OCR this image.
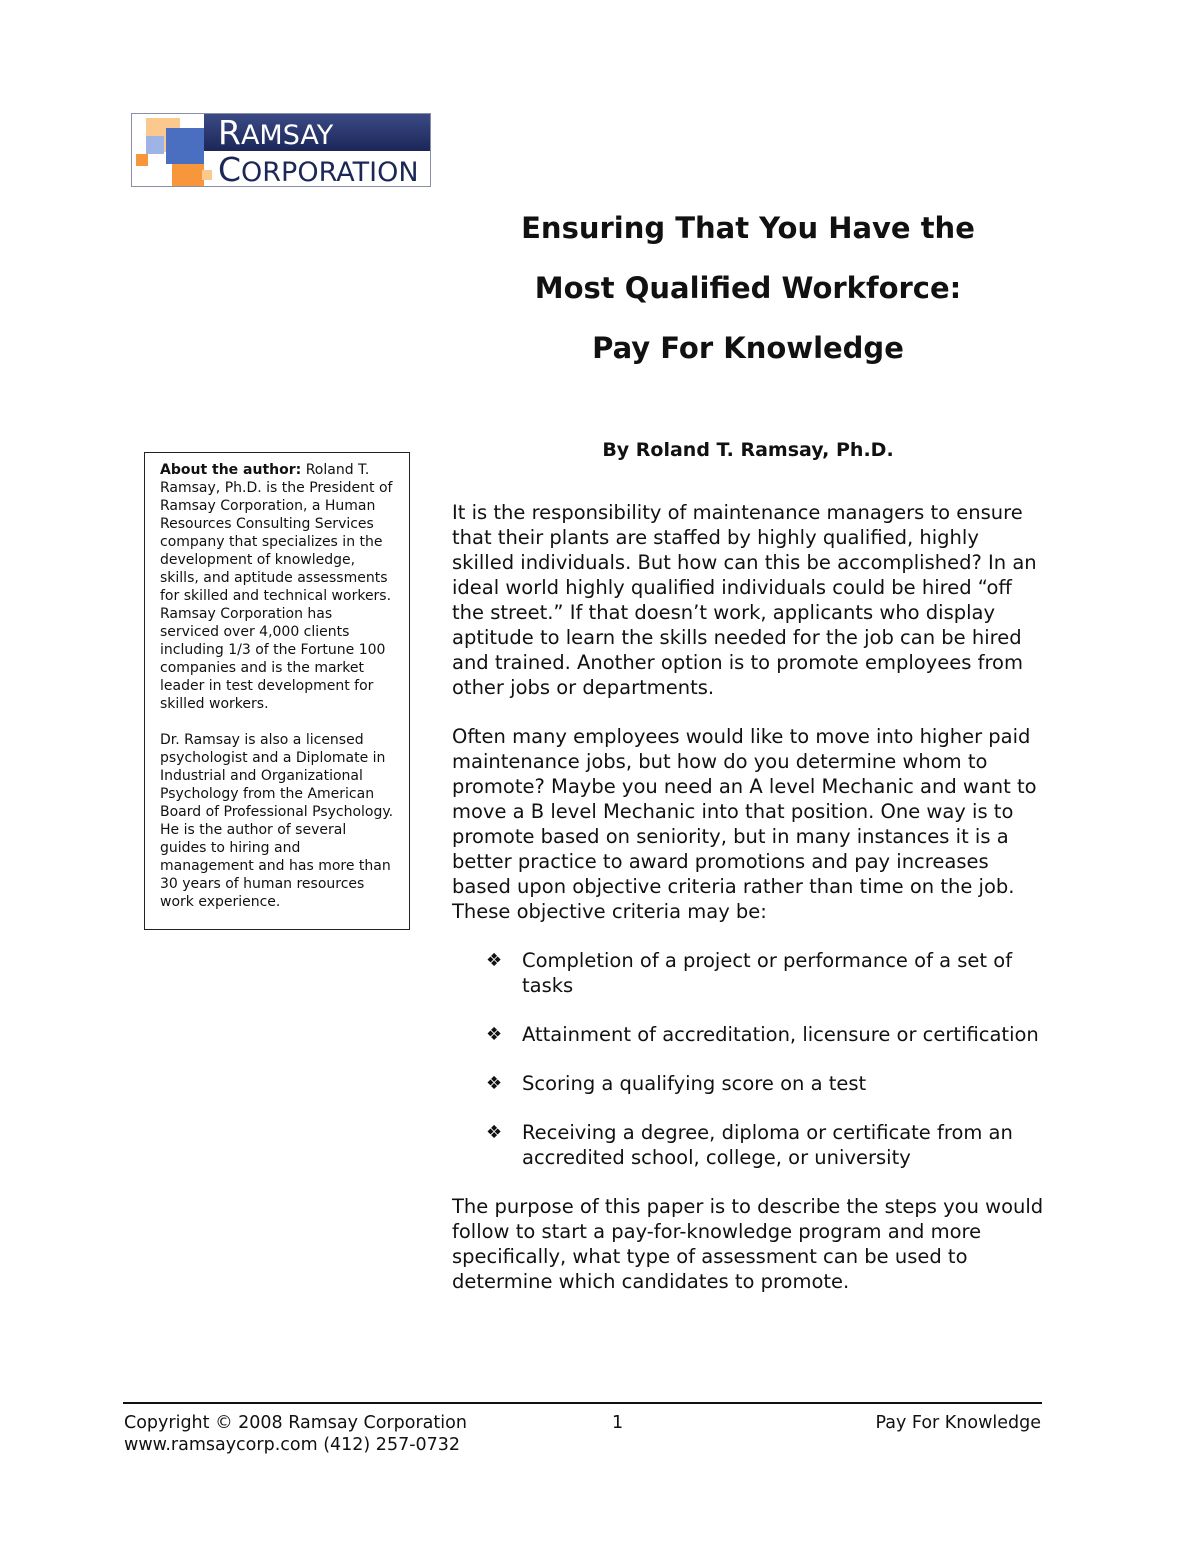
RAMSAY
CORPORATION
Ensuring That You Have the
Most Qualified Workforce:
Pay For Knowledge
By Roland T. Ramsay, Ph.D.

About the author: Roland T. Ramsay, Ph.D. is the President of Ramsay Corporation, a Human Resources Consulting Services company that specializes in the development of knowledge, skills, and aptitude assessments for skilled and technical workers. Ramsay Corporation has serviced over 4,000 clients including 1/3 of the Fortune 100 companies and is the market leader in test development for skilled workers.

Dr. Ramsay is also a licensed psychologist and a Diplomate in Industrial and Organizational Psychology from the American Board of Professional Psychology. He is the author of several guides to hiring and management and has more than 30 years of human resources work experience.

It is the responsibility of maintenance managers to ensure that their plants are staffed by highly qualified, highly skilled individuals. But how can this be accomplished? In an ideal world highly qualified individuals could be hired “off the street.” If that doesn’t work, applicants who display aptitude to learn the skills needed for the job can be hired and trained. Another option is to promote employees from other jobs or departments.

Often many employees would like to move into higher paid maintenance jobs, but how do you determine whom to promote? Maybe you need an A level Mechanic and want to move a B level Mechanic into that position. One way is to promote based on seniority, but in many instances it is a better practice to award promotions and pay increases based upon objective criteria rather than time on the job. These objective criteria may be:

❖ Completion of a project or performance of a set of tasks
❖ Attainment of accreditation, licensure or certification
❖ Scoring a qualifying score on a test
❖ Receiving a degree, diploma or certificate from an accredited school, college, or university

The purpose of this paper is to describe the steps you would follow to start a pay-for-knowledge program and more specifically, what type of assessment can be used to determine which candidates to promote.

Copyright © 2008 Ramsay Corporation
www.ramsaycorp.com (412) 257-0732
1	Pay For Knowledge
